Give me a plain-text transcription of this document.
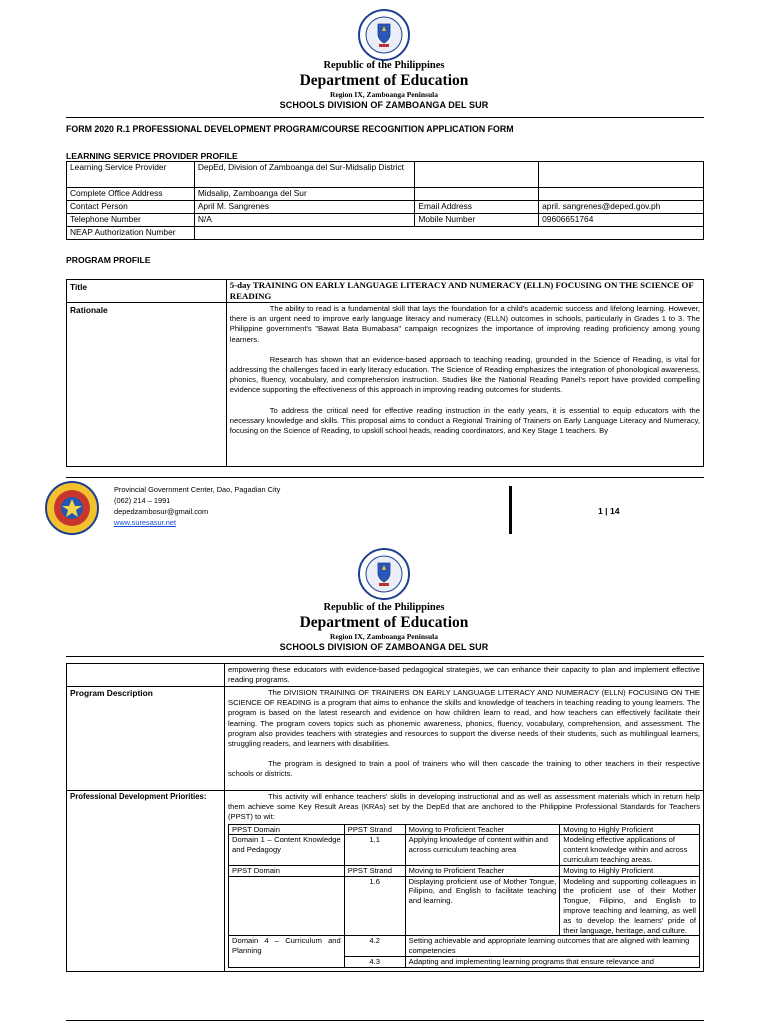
Republic of the Philippines
Department of Education
Region IX, Zamboanga Peninsula
SCHOOLS DIVISION OF ZAMBOANGA DEL SUR
FORM 2020 R.1 PROFESSIONAL DEVELOPMENT PROGRAM/COURSE RECOGNITION APPLICATION FORM
LEARNING SERVICE PROVIDER PROFILE
Learning Service Provider	DepEd, Division of Zamboanga del Sur-Midsalip District		
Complete Office Address	Midsalip, Zamboanga del Sur		
Contact Person	April M. Sangrenes	Email Address	april. sangrenes@deped.gov.ph
Telephone Number	N/A	Mobile Number	09606651764
NEAP Authorization Number			
PROGRAM PROFILE
Title	5-day TRAINING ON EARLY LANGUAGE LITERACY AND NUMERACY (ELLN) FOCUSING ON THE SCIENCE OF READING
Rationale	The ability to read is a fundamental skill that lays the foundation for a child's academic success and lifelong learning. However, there is an urgent need to improve early language literacy and numeracy (ELLN) outcomes in schools, particularly in Grades 1 to 3. The Philippine government's "Bawat Bata Bumabasa" campaign recognizes the importance of improving reading proficiency among young learners.

Research has shown that an evidence-based approach to teaching reading, grounded in the Science of Reading, is vital for addressing the challenges faced in early literacy education. The Science of Reading emphasizes the integration of phonological awareness, phonics, fluency, vocabulary, and comprehension instruction. Studies like the National Reading Panel's report have provided compelling evidence supporting the effectiveness of this approach in improving reading outcomes for students.

To address the critical need for effective reading instruction in the early years, it is essential to equip educators with the necessary knowledge and skills. This proposal aims to conduct a Regional Training of Trainers on Early Language Literacy and Numeracy, focusing on the Science of Reading, to upskill school heads, reading coordinators, and Key Stage 1 teachers. By

Provincial Government Center, Dao, Pagadian City
(062) 214 – 1991
depedzambosur@gmail.com
www.suresasur.net
1 | 14
Republic of the Philippines
Department of Education
Region IX, Zamboanga Peninsula
SCHOOLS DIVISION OF ZAMBOANGA DEL SUR

empowering these educators with evidence-based pedagogical strategies, we can enhance their capacity to plan and implement effective reading programs.

Program Description	The DIVISION TRAINING OF TRAINERS ON EARLY LANGUAGE LITERACY AND NUMERACY (ELLN) FOCUSING ON THE SCIENCE OF READING is a program that aims to enhance the skills and knowledge of teachers in teaching reading to young learners. The program is based on the latest research and evidence on how children learn to read, and how teachers can effectively facilitate their learning. The program covers topics such as phonemic awareness, phonics, fluency, vocabulary, comprehension, and assessment. The program also provides teachers with strategies and resources to support the diverse needs of their students, such as multilingual learners, struggling readers, and learners with disabilities.

The program is designed to train a pool of trainers who will then cascade the training to other teachers in their respective schools or districts.

Professional Development Priorities:	This activity will enhance teachers' skills in developing instructional and as well as assessment materials which in return help them achieve some Key Result Areas (KRAs) set by the DepEd that are anchored to the Philippine Professional Standards for Teachers (PPST) to wit:

PPST Domain	PPST Strand	Moving to Proficient Teacher	Moving to Highly Proficient
Domain 1 – Content Knowledge and Pedagogy	1.1	Applying knowledge of content within and across curriculum teaching area	Modeling effective applications of content knowledge within and across curriculum teaching areas.
PPST Domain	PPST Strand	Moving to Proficient Teacher	Moving to Highly Proficient
	1.6	Displaying proficient use of Mother Tongue, Filipino, and English to facilitate teaching and learning.	Modeling and supporting colleagues in the proficient use of their Mother Tongue, Filipino, and English to improve teaching and learning, as well as to develop the learners' pride of their language, heritage, and culture.
Domain 4 – Curriculum and Planning	4.2	Setting achievable and appropriate learning outcomes that are aligned with learning competencies
4.3	Adapting and implementing learning programs that ensure relevance and
